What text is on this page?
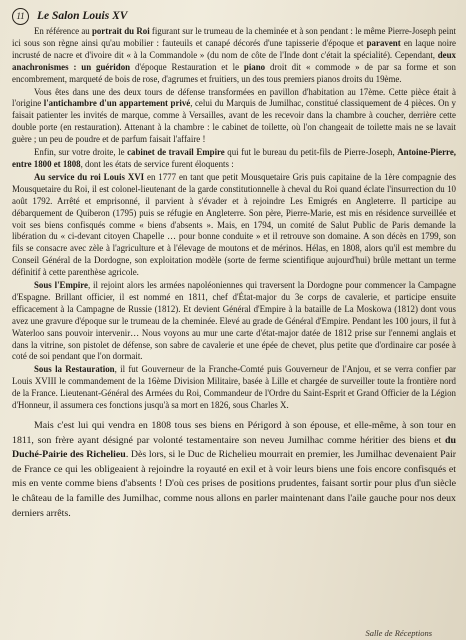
11	Le Salon Louis XV

En référence au portrait du Roi figurant sur le trumeau de la cheminée et à son pendant : le même Pierre-Joseph peint ici sous son règne ainsi qu'au mobilier : fauteuils et canapé décorés d'une tapisserie d'époque et paravent en laque noire incrusté de nacre et d'ivoire dit « à la Commandole » (du nom de côte de l'Inde dont c'était la spécialité). Cependant, deux anachronismes : un guéridon d'époque Restauration et le piano droit dit « commode » de par sa forme et son encombrement, marqueté de bois de rose, d'agrumes et fruitiers, un des tous premiers pianos droits du 19ème.

Vous êtes dans une des deux tours de défense transformées en pavillon d'habitation au 17ème. Cette pièce était à l'origine l'antichambre d'un appartement privé, celui du Marquis de Jumilhac, constitué classiquement de 4 pièces. On y faisait patienter les invités de marque, comme à Versailles, avant de les recevoir dans la chambre à coucher, derrière cette double porte (en restauration). Attenant à la chambre : le cabinet de toilette, où l'on changeait de toilette mais ne se lavait guère ; un peu de poudre et de parfum faisait l'affaire !

Enfin, sur votre droite, le cabinet de travail Empire qui fut le bureau du petit-fils de Pierre-Joseph, Antoine-Pierre, entre 1800 et 1808, dont les états de service furent éloquents :

Au service du roi Louis XVI en 1777 en tant que petit Mousquetaire Gris puis capitaine de la 1ère compagnie des Mousquetaire du Roi, il est colonel-lieutenant de la garde constitutionnelle à cheval du Roi quand éclate l'insurrection du 10 août 1792. Arrêté et emprisonné, il parvient à s'évader et à rejoindre Les Emigrés en Angleterre. Il participe au débarquement de Quiberon (1795) puis se réfugie en Angleterre. Son père, Pierre-Marie, est mis en résidence surveillée et voit ses biens confisqués comme « biens d'absents ». Mais, en 1794, un comité de Salut Public de Paris demande la libération du « ci-devant citoyen Chapelle … pour bonne conduite » et il retrouve son domaine. A son décès en 1799, son fils se consacre avec zèle à l'agriculture et à l'élevage de moutons et de mérinos. Hélas, en 1808, alors qu'il est membre du Conseil Général de la Dordogne, son exploitation modèle (sorte de ferme scientifique aujourd'hui) brûle mettant un terme définitif à cette parenthèse agricole.

Sous l'Empire, il rejoint alors les armées napoléoniennes qui traversent la Dordogne pour commencer la Campagne d'Espagne. Brillant officier, il est nommé en 1811, chef d'État-major du 3e corps de cavalerie, et participe ensuite efficacement à la Campagne de Russie (1812). Et devient Général d'Empire à la bataille de La Moskowa (1812) dont vous avez une gravure d'époque sur le trumeau de la cheminée. Elevé au grade de Général d'Empire. Pendant les 100 jours, il fut à Waterloo sans pouvoir intervenir… Nous voyons au mur une carte d'état-major datée de 1812 prise sur l'ennemi anglais et dans la vitrine, son pistolet de défense, son sabre de cavalerie et une épée de chevet, plus petite que d'ordinaire car posée à coté de soi pendant que l'on dormait.

Sous la Restauration, il fut Gouverneur de la Franche-Comté puis Gouverneur de l'Anjou, et se verra confier par Louis XVIII le commandement de la 16ème Division Militaire, basée à Lille et chargée de surveiller toute la frontière nord de la France. Lieutenant-Général des Armées du Roi, Commandeur de l'Ordre du Saint-Esprit et Grand Officier de la Légion d'Honneur, il assumera ces fonctions jusqu'à sa mort en 1826, sous Charles X.

Mais c'est lui qui vendra en 1808 tous ses biens en Périgord à son épouse, et elle-même, à son tour en 1811, son frère ayant désigné par volonté testamentaire son neveu Jumilhac comme héritier des biens et du Duché-Pairie des Richelieu. Dès lors, si le Duc de Richelieu mourrait en premier, les Jumilhac devenaient Pair de France ce qui les obligeaient à rejoindre la royauté en exil et à voir leurs biens une fois encore confisqués et mis en vente comme biens d'absents ! D'où ces prises de positions prudentes, faisant sortir pour plus d'un siècle le château de la famille des Jumilhac, comme nous allons en parler maintenant dans l'aile gauche pour nos deux derniers arrêts.

Salle de Réceptions
